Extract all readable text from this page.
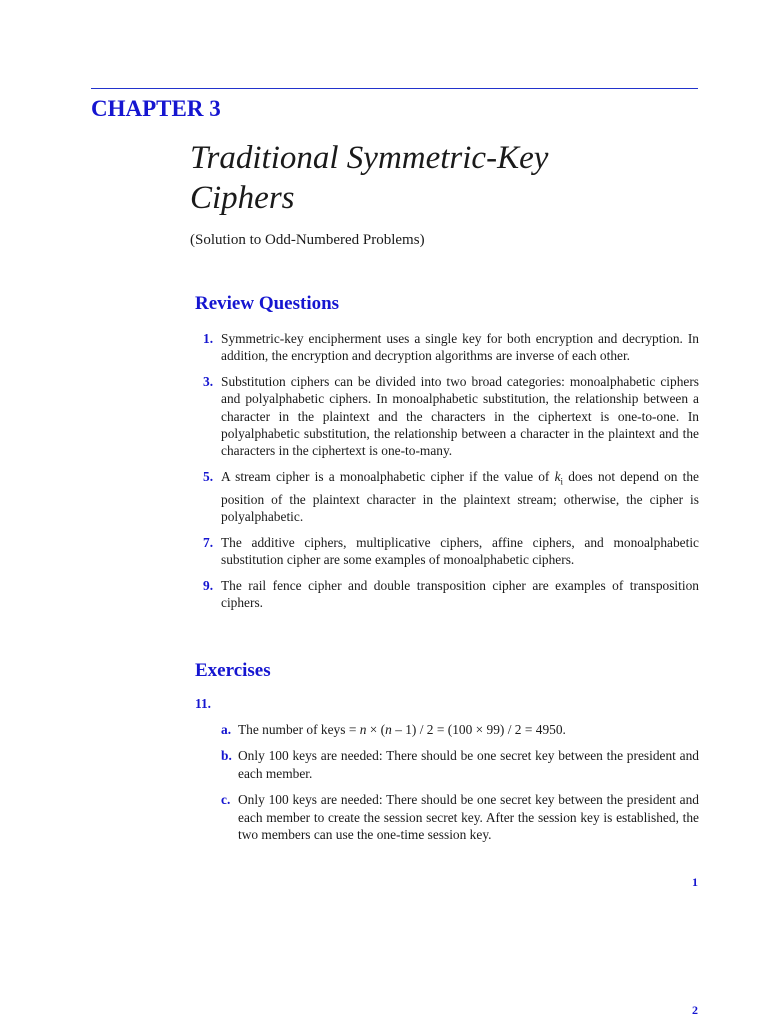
CHAPTER 3
Traditional Symmetric-Key
Ciphers
(Solution to Odd-Numbered Problems)
Review Questions
1. Symmetric-key encipherment uses a single key for both encryption and decryption. In addition, the encryption and decryption algorithms are inverse of each other.
3. Substitution ciphers can be divided into two broad categories: monoalphabetic ciphers and polyalphabetic ciphers. In monoalphabetic substitution, the relationship between a character in the plaintext and the characters in the ciphertext is one-to-one. In polyalphabetic substitution, the relationship between a character in the plaintext and the characters in the ciphertext is one-to-many.
5. A stream cipher is a monoalphabetic cipher if the value of $k_i$ does not depend on the position of the plaintext character in the plaintext stream; otherwise, the cipher is polyalphabetic.
7. The additive ciphers, multiplicative ciphers, affine ciphers, and monoalphabetic substitution cipher are some examples of monoalphabetic ciphers.
9. The rail fence cipher and double transposition cipher are examples of transposition ciphers.
Exercises
11.
a. The number of keys = n × (n – 1) / 2 = (100 × 99) / 2 = 4950.
b. Only 100 keys are needed: There should be one secret key between the president and each member.
c. Only 100 keys are needed: There should be one secret key between the president and each member to create the session secret key. After the session key is established, the two members can use the one-time session key.
1
2
